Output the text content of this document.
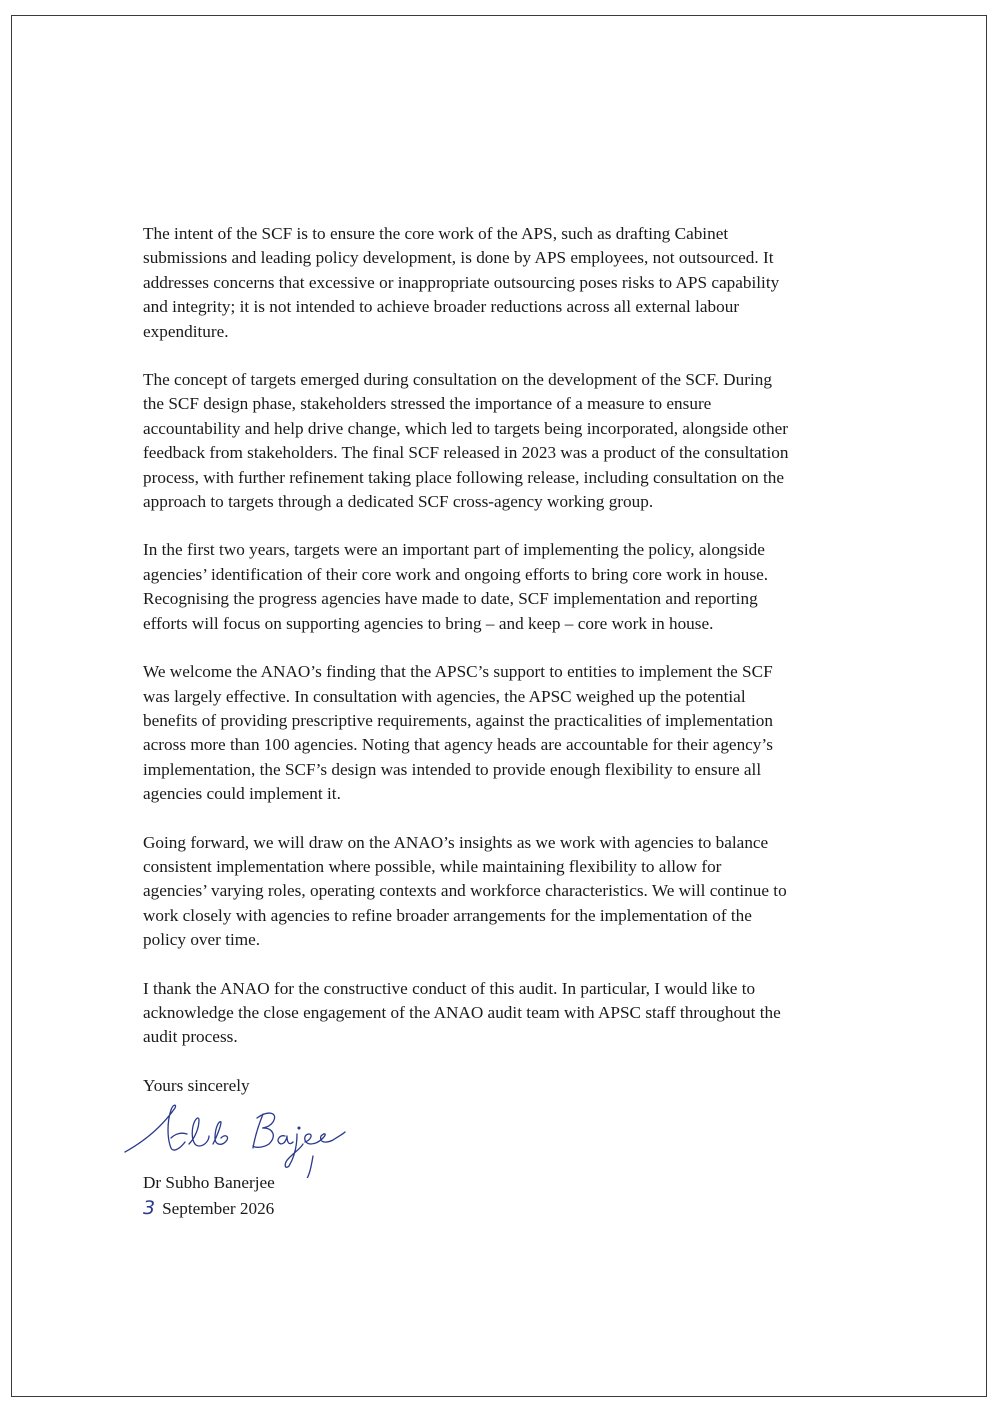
The intent of the SCF is to ensure the core work of the APS, such as drafting Cabinet
submissions and leading policy development, is done by APS employees, not outsourced. It
addresses concerns that excessive or inappropriate outsourcing poses risks to APS capability
and integrity; it is not intended to achieve broader reductions across all external labour
expenditure.

The concept of targets emerged during consultation on the development of the SCF. During
the SCF design phase, stakeholders stressed the importance of a measure to ensure
accountability and help drive change, which led to targets being incorporated, alongside other
feedback from stakeholders. The final SCF released in 2023 was a product of the consultation
process, with further refinement taking place following release, including consultation on the
approach to targets through a dedicated SCF cross-agency working group.

In the first two years, targets were an important part of implementing the policy, alongside
agencies’ identification of their core work and ongoing efforts to bring core work in house.
Recognising the progress agencies have made to date, SCF implementation and reporting
efforts will focus on supporting agencies to bring – and keep – core work in house.

We welcome the ANAO’s finding that the APSC’s support to entities to implement the SCF
was largely effective. In consultation with agencies, the APSC weighed up the potential
benefits of providing prescriptive requirements, against the practicalities of implementation
across more than 100 agencies. Noting that agency heads are accountable for their agency’s
implementation, the SCF’s design was intended to provide enough flexibility to ensure all
agencies could implement it.

Going forward, we will draw on the ANAO’s insights as we work with agencies to balance
consistent implementation where possible, while maintaining flexibility to allow for
agencies’ varying roles, operating contexts and workforce characteristics. We will continue to
work closely with agencies to refine broader arrangements for the implementation of the
policy over time.

I thank the ANAO for the constructive conduct of this audit. In particular, I would like to
acknowledge the close engagement of the ANAO audit team with APSC staff throughout the
audit process.

Yours sincerely

Dr Subho Banerjee

3 September 2026
